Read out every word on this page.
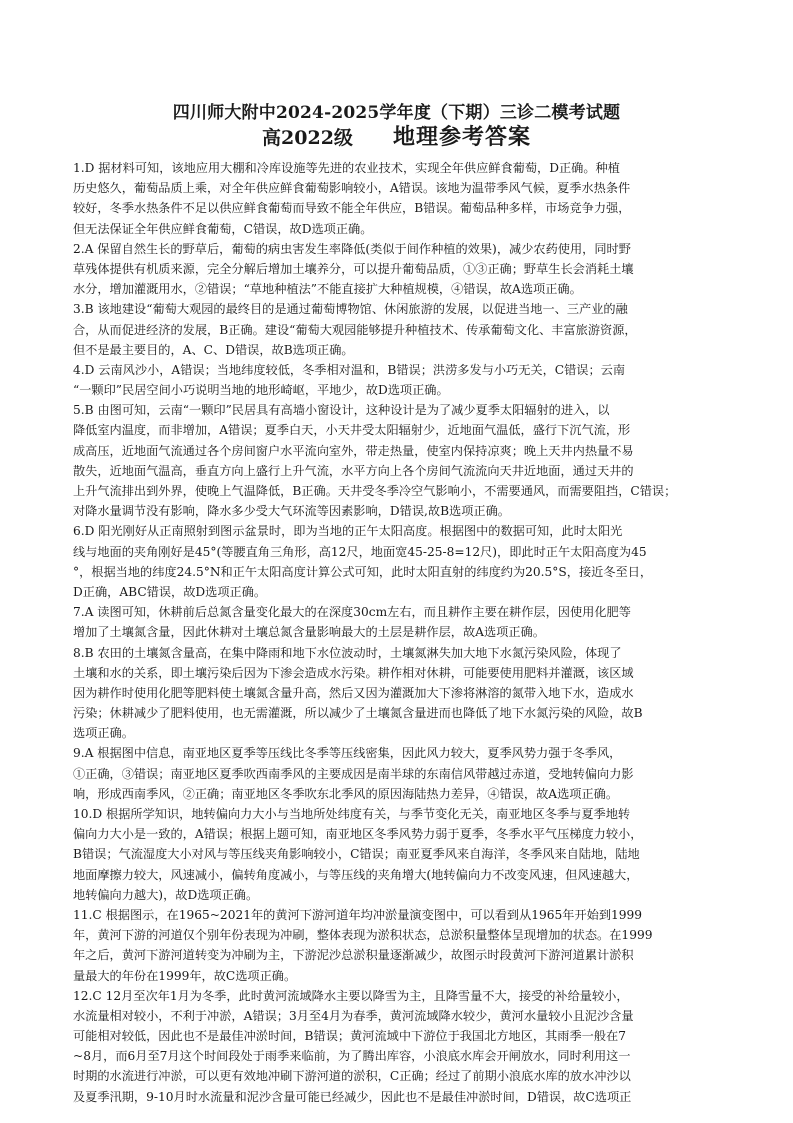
四川师大附中2024-2025学年度（下期）三诊二模考试题
高2022级 地理参考答案
1.D 据材料可知，该地应用大棚和冷库设施等先进的农业技术，实现全年供应鲜食葡萄，D正确。种植
历史悠久，葡萄品质上乘，对全年供应鲜食葡萄影响较小，A错误。该地为温带季风气候，夏季水热条件
较好，冬季水热条件不足以供应鲜食葡萄而导致不能全年供应，B错误。葡萄品种多样，市场竞争力强，
但无法保证全年供应鲜食葡萄，C错误，故D选项正确。
2.A 保留自然生长的野草后，葡萄的病虫害发生率降低(类似于间作种植的效果)，减少农药使用，同时野
草残体提供有机质来源，完全分解后增加土壤养分，可以提升葡萄品质，①③正确；野草生长会消耗土壤
水分，增加灌溉用水，②错误；“草地种植法”不能直接扩大种植规模，④错误，故A选项正确。
3.B 该地建设“葡萄大观园的最终目的是通过葡萄博物馆、休闲旅游的发展，以促进当地一、三产业的融
合，从而促进经济的发展，B正确。建设“葡萄大观园能够提升种植技术、传承葡萄文化、丰富旅游资源，
但不是最主要目的，A、C、D错误，故B选项正确。
4.D 云南风沙小，A错误；当地纬度较低，冬季相对温和，B错误；洪涝多发与小巧无关，C错误；云南
“一颗印”民居空间小巧说明当地的地形崎岖，平地少，故D选项正确。
5.B 由图可知，云南“一颗印”民居具有高墙小窗设计，这种设计是为了减少夏季太阳辐射的进入，以
降低室内温度，而非增加，A错误；夏季白天，小天井受太阳辐射少，近地面气温低，盛行下沉气流，形
成高压，近地面气流通过各个房间窗户水平流向室外，带走热量，使室内保持凉爽；晚上天井内热量不易
散失，近地面气温高，垂直方向上盛行上升气流，水平方向上各个房间气流流向天井近地面，通过天井的
上升气流排出到外界，使晚上气温降低，B正确。天井受冬季冷空气影响小，不需要通风，而需要阻挡，C错误；
对降水量调节没有影响，降水多少受大气环流等因素影响，D错误,故B选项正确。
6.D 阳光刚好从正南照射到图示盆景时，即为当地的正午太阳高度。根据图中的数据可知，此时太阳光
线与地面的夹角刚好是45°(等腰直角三角形，高12尺，地面宽45-25-8=12尺)，即此时正午太阳高度为45
°，根据当地的纬度24.5°N和正午太阳高度计算公式可知，此时太阳直射的纬度约为20.5°S，接近冬至日，
D正确，ABC错误，故D选项正确。
7.A 读图可知，休耕前后总氮含量变化最大的在深度30cm左右，而且耕作主要在耕作层，因使用化肥等
增加了土壤氮含量，因此休耕对土壤总氮含量影响最大的土层是耕作层，故A选项正确。
8.B 农田的土壤氮含量高，在集中降雨和地下水位波动时，土壤氮淋失加大地下水氮污染风险，体现了
土壤和水的关系，即土壤污染后因为下渗会造成水污染。耕作相对休耕，可能要使用肥料并灌溉，该区域
因为耕作时使用化肥等肥料使土壤氮含量升高，然后又因为灌溉加大下渗将淋溶的氮带入地下水，造成水
污染；休耕减少了肥料使用，也无需灌溉，所以减少了土壤氮含量进而也降低了地下水氮污染的风险，故B
选项正确。
9.A 根据图中信息，南亚地区夏季等压线比冬季等压线密集，因此风力较大，夏季风势力强于冬季风，
①正确，③错误；南亚地区夏季吹西南季风的主要成因是南半球的东南信风带越过赤道，受地转偏向力影
响，形成西南季风，②正确；南亚地区冬季吹东北季风的原因海陆热力差异，④错误，故A选项正确。
10.D 根据所学知识，地转偏向力大小与当地所处纬度有关，与季节变化无关，南亚地区冬季与夏季地转
偏向力大小是一致的，A错误；根据上题可知，南亚地区冬季风势力弱于夏季，冬季水平气压梯度力较小，
B错误；气流湿度大小对风与等压线夹角影响较小，C错误；南亚夏季风来自海洋，冬季风来自陆地，陆地
地面摩擦力较大，风速减小，偏转角度减小，与等压线的夹角增大(地转偏向力不改变风速，但风速越大，
地转偏向力越大)，故D选项正确。
11.C 根据图示，在1965~2021年的黄河下游河道年均冲淤量演变图中，可以看到从1965年开始到1999
年，黄河下游的河道仅个别年份表现为冲刷，整体表现为淤积状态，总淤积量整体呈现增加的状态。在1999
年之后，黄河下游河道转变为冲刷为主，下游泥沙总淤积量逐渐减少，故图示时段黄河下游河道累计淤积
量最大的年份在1999年，故C选项正确。
12.C 12月至次年1月为冬季，此时黄河流域降水主要以降雪为主，且降雪量不大，接受的补给量较小，
水流量相对较小，不利于冲淤，A错误；3月至4月为春季，黄河流域降水较少，黄河水量较小且泥沙含量
可能相对较低，因此也不是最佳冲淤时间，B错误；黄河流域中下游位于我国北方地区，其雨季一般在7
~8月，而6月至7月这个时间段处于雨季来临前，为了腾出库容，小浪底水库会开闸放水，同时利用这一
时期的水流进行冲淤，可以更有效地冲刷下游河道的淤积，C正确；经过了前期小浪底水库的放水冲沙以
及夏季汛期，9-10月时水流量和泥沙含量可能已经减少，因此也不是最佳冲淤时间，D错误，故C选项正
